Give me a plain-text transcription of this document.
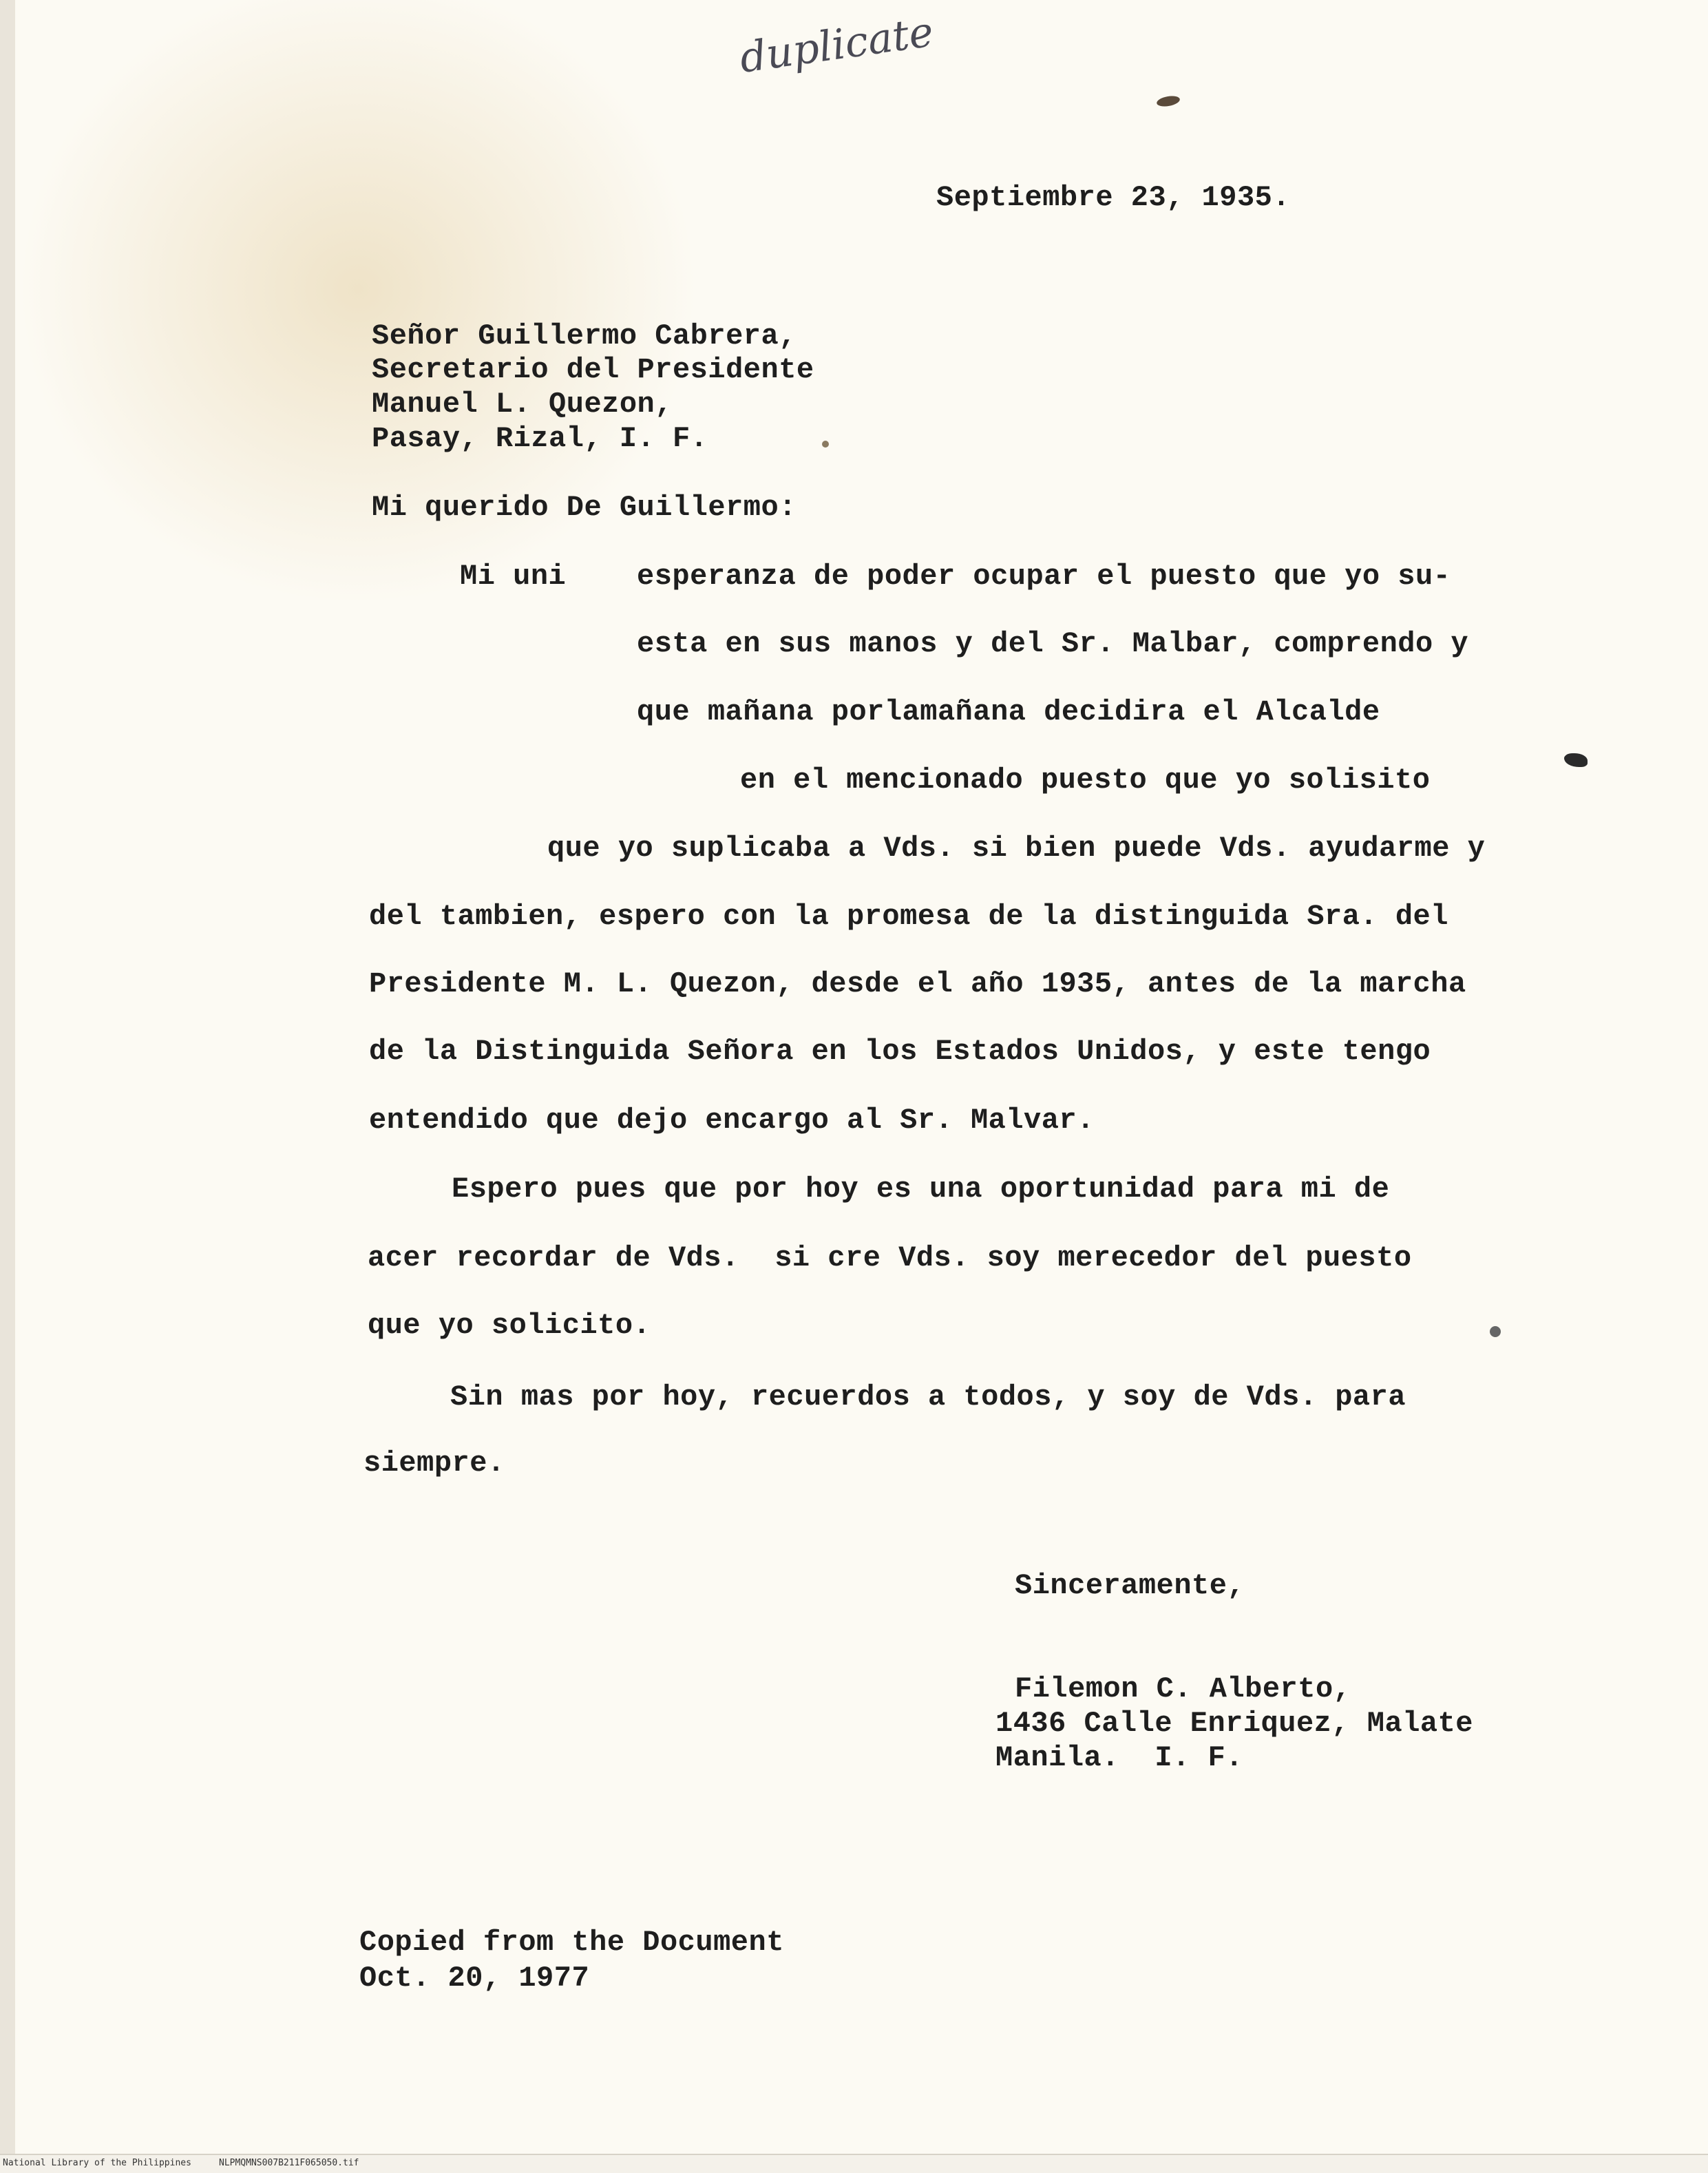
duplicate
Septiembre 23, 1935.
Señor Guillermo Cabrera,
Secretario del Presidente
Manuel L. Quezon,
Pasay, Rizal, I. F.
Mi querido De Guillermo:
Mi uni esperanza de poder ocupar el puesto que yo su-
esta en sus manos y del Sr. Malbar, comprendo y
que mañana porlamañana decidira el Alcalde
en el mencionado puesto que yo solisito
que yo suplicaba a Vds. si bien puede Vds. ayudarme y
del tambien, espero con la promesa de la distinguida Sra. del
Presidente M. L. Quezon, desde el año 1935, antes de la marcha
de la Distinguida Señora en los Estados Unidos, y este tengo
entendido que dejo encargo al Sr. Malvar.
Espero pues que por hoy es una oportunidad para mi de
acer recordar de Vds.  si cre Vds. soy merecedor del puesto
que yo solicito.
Sin mas por hoy, recuerdos a todos, y soy de Vds. para
siempre.
Sinceramente,
Filemon C. Alberto,
1436 Calle Enriquez, Malate
Manila.  I. F.
Copied from the Document
Oct. 20, 1977
National Library of the Philippines	NLPMQMNS007B211F065050.tif
